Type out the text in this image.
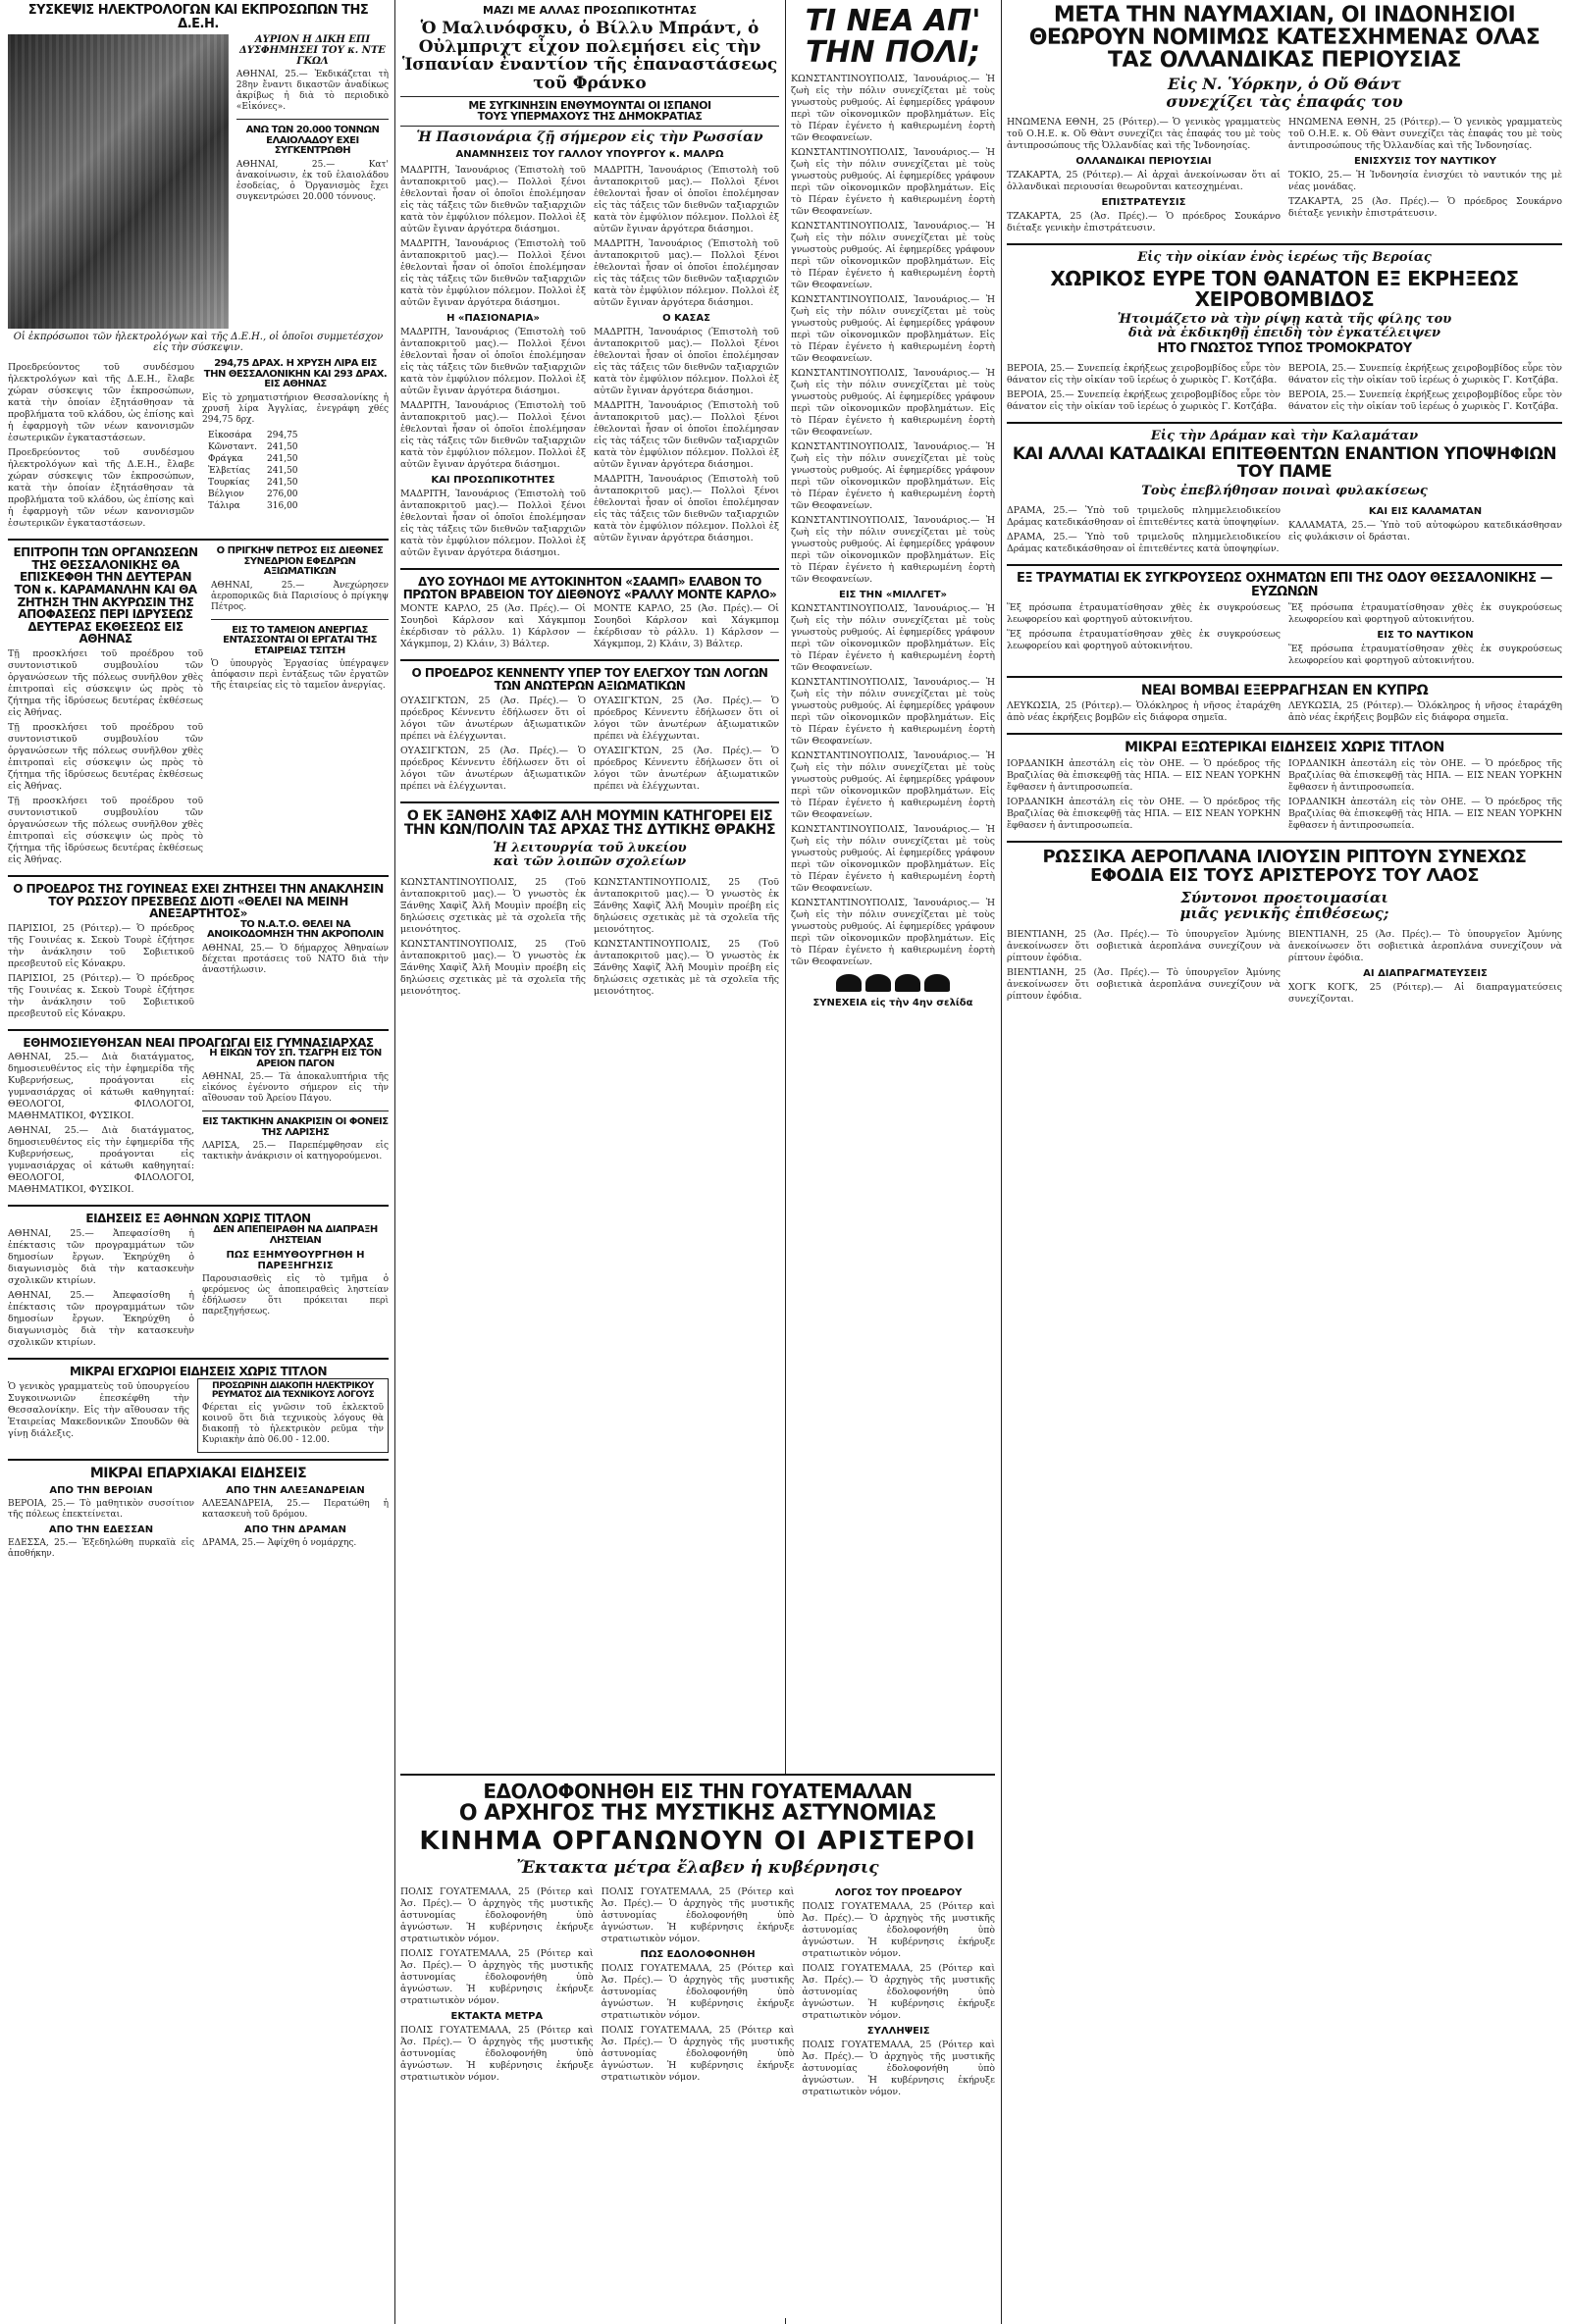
ΣΥΣΚΕΨΙΣ ΗΛΕΚΤΡΟΛΟΓΩΝ ΚΑΙ ΕΚΠΡΟΣΩΠΩΝ ΤΗΣ Δ.Ε.Η.
ΑΥΡΙΟΝ Η ΔΙΚΗ ΕΠΙ ΔΥΣΦΗΜΗΣΕΙ ΤΟΥ κ. ΝΤΕ ΓΚΩΛ
ΑΘΗΝΑΙ, 25.— Ἐκδικάζεται τὴ 28ην ἔναντι δικαστῶν ἀναδίκως ἀκρίβως ἠ διὰ τὸ περιοδικὸ «Εἰκόνες».
ΑΝΩ ΤΩΝ 20.000 ΤΟΝΝΩΝ ΕΛΑΙΟΛΑΔΟΥ ΕΧΕΙ ΣΥΓΚΕΝΤΡΩΘΗ
ΑΘΗΝΑΙ, 25.— Κατ' ἀνακοίνωσιν, ἐκ τοῦ ἐλαιολάδου ἐσοδείας, ὁ Ὀργανισμὸς ἔχει συγκεντρώσει 20.000 τόννους.
Οἱ ἐκπρόσωποι τῶν ἠλεκτρολόγων καὶ τῆς Δ.Ε.Η., οἱ ὁποῖοι συμμετέσχον εἰς τὴν σύσκεψιν.
Προεδρεύοντος τοῦ συνδέσμου ἠλεκτρολόγων καὶ τῆς Δ.Ε.Η., ἔλαβε χώραν σύσκεψις τῶν ἐκπροσώπων, κατὰ τὴν ὁποίαν ἐξητάσθησαν τὰ προβλήματα τοῦ κλάδου, ὡς ἐπίσης καὶ ἡ ἐφαρμογὴ τῶν νέων κανονισμῶν ἐσωτερικῶν ἐγκαταστάσεων.
Προεδρεύοντος τοῦ συνδέσμου ἠλεκτρολόγων καὶ τῆς Δ.Ε.Η., ἔλαβε χώραν σύσκεψις τῶν ἐκπροσώπων, κατὰ τὴν ὁποίαν ἐξητάσθησαν τὰ προβλήματα τοῦ κλάδου, ὡς ἐπίσης καὶ ἡ ἐφαρμογὴ τῶν νέων κανονισμῶν ἐσωτερικῶν ἐγκαταστάσεων.
294,75 ΔΡΑΧ. Η ΧΡΥΣΗ ΛΙΡΑ ΕΙΣ ΤΗΝ ΘΕΣΣΑΛΟΝΙΚΗΝ ΚΑΙ 293 ΔΡΑΧ. ΕΙΣ ΑΘΗΝΑΣ
Εἰς τὸ χρηματιστήριον Θεσσαλονίκης ἡ χρυσῆ λίρα Ἀγγλίας, ἐνεγράφη χθές 294,75 δρχ.
Εἰκοσάρα	294,75
Κῶνσταντ.	241,50
Φράγκα	241,50
Ἐλβετίας	241,50
Τουρκίας	241,50
Βέλγιον	276,00
Τάλιρα	316,00
ΕΠΙΤΡΟΠΗ ΤΩΝ ΟΡΓΑΝΩΣΕΩΝ ΤΗΣ ΘΕΣΣΑΛΟΝΙΚΗΣ ΘΑ ΕΠΙΣΚΕΦΘΗ ΤΗΝ ΔΕΥΤΕΡΑΝ ΤΟΝ κ. ΚΑΡΑΜΑΝΛΗΝ ΚΑΙ ΘΑ ΖΗΤΗΣΗ ΤΗΝ ΑΚΥΡΩΣΙΝ ΤΗΣ ΑΠΟΦΑΣΕΩΣ ΠΕΡΙ ΙΔΡΥΣΕΩΣ ΔΕΥΤΕΡΑΣ ΕΚΘΕΣΕΩΣ ΕΙΣ ΑΘΗΝΑΣ
Τῇ προσκλήσει τοῦ προέδρου τοῦ συντονιστικοῦ συμβουλίου τῶν ὀργανώσεων τῆς πόλεως συνῆλθον χθὲς ἐπιτροπαὶ εἰς σύσκεψιν ὡς πρὸς τὸ ζήτημα τῆς ἱδρύσεως δευτέρας ἐκθέσεως εἰς Ἀθήνας.
Τῇ προσκλήσει τοῦ προέδρου τοῦ συντονιστικοῦ συμβουλίου τῶν ὀργανώσεων τῆς πόλεως συνῆλθον χθὲς ἐπιτροπαὶ εἰς σύσκεψιν ὡς πρὸς τὸ ζήτημα τῆς ἱδρύσεως δευτέρας ἐκθέσεως εἰς Ἀθήνας.
Τῇ προσκλήσει τοῦ προέδρου τοῦ συντονιστικοῦ συμβουλίου τῶν ὀργανώσεων τῆς πόλεως συνῆλθον χθὲς ἐπιτροπαὶ εἰς σύσκεψιν ὡς πρὸς τὸ ζήτημα τῆς ἱδρύσεως δευτέρας ἐκθέσεως εἰς Ἀθήνας.
Ο ΠΡΙΓΚΗΨ ΠΕΤΡΟΣ ΕΙΣ ΔΙΕΘΝΕΣ ΣΥΝΕΔΡΙΟΝ ΕΦΕΔΡΩΝ ΑΞΙΩΜΑΤΙΚΩΝ
ΑΘΗΝΑΙ, 25.— Ἀνεχώρησεν ἀεροπορικῶς διὰ Παρισίους ὁ πρίγκηψ Πέτρος.
ΕΙΣ ΤΟ ΤΑΜΕΙΟΝ ΑΝΕΡΓΙΑΣ ΕΝΤΑΣΣΟΝΤΑΙ ΟΙ ΕΡΓΑΤΑΙ ΤΗΣ ΕΤΑΙΡΕΙΑΣ ΤΣΙΤΣΗ
Ὁ ὑπουργὸς Ἐργασίας ὑπέγραψεν ἀπόφασιν περὶ ἐντάξεως τῶν ἐργατῶν τῆς ἑταιρείας εἰς τὸ ταμεῖον ἀνεργίας.
Ο ΠΡΟΕΔΡΟΣ ΤΗΣ ΓΟΥΙΝΕΑΣ ΕΧΕΙ ΖΗΤΗΣΕΙ ΤΗΝ ΑΝΑΚΛΗΣΙΝ ΤΟΥ ΡΩΣΣΟΥ ΠΡΕΣΒΕΩΣ ΔΙΟΤΙ «ΘΕΛΕΙ ΝΑ ΜΕΙΝΗ ΑΝΕΞΑΡΤΗΤΟΣ»
ΠΑΡΙΣΙΟΙ, 25 (Ρόιτερ).— Ὁ πρόεδρος τῆς Γουινέας κ. Σεκοὺ Τουρὲ ἐζήτησε τὴν ἀνάκλησιν τοῦ Σοβιετικοῦ πρεσβευτοῦ εἰς Κόνακρυ.
ΠΑΡΙΣΙΟΙ, 25 (Ρόιτερ).— Ὁ πρόεδρος τῆς Γουινέας κ. Σεκοὺ Τουρὲ ἐζήτησε τὴν ἀνάκλησιν τοῦ Σοβιετικοῦ πρεσβευτοῦ εἰς Κόνακρυ.
ΤΟ Ν.Α.Τ.Ο. ΘΕΛΕΙ ΝΑ ΑΝΟΙΚΟΔΟΜΗΣΗ ΤΗΝ ΑΚΡΟΠΟΛΙΝ
ΑΘΗΝΑΙ, 25.— Ὁ δήμαρχος Ἀθηναίων δέχεται προτάσεις τοῦ ΝΑΤΟ διὰ τὴν ἀναστήλωσιν.
ΕΘΗΜΟΣΙΕΥΘΗΣΑΝ ΝΕΑΙ ΠΡΟΑΓΩΓΑΙ ΕΙΣ ΓΥΜΝΑΣΙΑΡΧΑΣ
ΑΘΗΝΑΙ, 25.— Διὰ διατάγματος, δημοσιευθέντος εἰς τὴν ἐφημερίδα τῆς Κυβερνήσεως, προάγονται εἰς γυμνασιάρχας οἱ κάτωθι καθηγηταί: ΘΕΟΛΟΓΟΙ, ΦΙΛΟΛΟΓΟΙ, ΜΑΘΗΜΑΤΙΚΟΙ, ΦΥΣΙΚΟΙ.
ΑΘΗΝΑΙ, 25.— Διὰ διατάγματος, δημοσιευθέντος εἰς τὴν ἐφημερίδα τῆς Κυβερνήσεως, προάγονται εἰς γυμνασιάρχας οἱ κάτωθι καθηγηταί: ΘΕΟΛΟΓΟΙ, ΦΙΛΟΛΟΓΟΙ, ΜΑΘΗΜΑΤΙΚΟΙ, ΦΥΣΙΚΟΙ.
Η ΕΙΚΩΝ ΤΟΥ ΣΠ. ΤΣΑΓΡΗ ΕΙΣ ΤΟΝ ΑΡΕΙΟΝ ΠΑΓΟΝ
ΑΘΗΝΑΙ, 25.— Τὰ ἀποκαλυπτήρια τῆς εἰκόνος ἐγένοντο σήμερον εἰς τὴν αἴθουσαν τοῦ Ἀρείου Πάγου.
ΕΙΣ ΤΑΚΤΙΚΗΝ ΑΝΑΚΡΙΣΙΝ ΟΙ ΦΟΝΕΙΣ ΤΗΣ ΛΑΡΙΣΗΣ
ΛΑΡΙΣΑ, 25.— Παρεπέμφθησαν εἰς τακτικὴν ἀνάκρισιν οἱ κατηγορούμενοι.
ΕΙΔΗΣΕΙΣ ΕΞ ΑΘΗΝΩΝ ΧΩΡΙΣ ΤΙΤΛΟΝ
ΑΘΗΝΑΙ, 25.— Ἀπεφασίσθη ἡ ἐπέκτασις τῶν προγραμμάτων τῶν δημοσίων ἔργων. Ἐκηρύχθη ὁ διαγωνισμὸς διὰ τὴν κατασκευὴν σχολικῶν κτιρίων.
ΑΘΗΝΑΙ, 25.— Ἀπεφασίσθη ἡ ἐπέκτασις τῶν προγραμμάτων τῶν δημοσίων ἔργων. Ἐκηρύχθη ὁ διαγωνισμὸς διὰ τὴν κατασκευὴν σχολικῶν κτιρίων.
ΔΕΝ ΑΠΕΠΕΙΡΑΘΗ ΝΑ ΔΙΑΠΡΑΞΗ ΛΗΣΤΕΙΑΝ
ΠΩΣ ΕΞΗΜΥΘΟΥΡΓΗΘΗ Η ΠΑΡΕΞΗΓΗΣΙΣ
Παρουσιασθεὶς εἰς τὸ τμῆμα ὁ φερόμενος ὡς ἀποπειραθεὶς ληστείαν ἐδήλωσεν ὅτι πρόκειται περὶ παρεξηγήσεως.
ΜΙΚΡΑΙ ΕΓΧΩΡΙΟΙ ΕΙΔΗΣΕΙΣ ΧΩΡΙΣ ΤΙΤΛΟΝ
Ὁ γενικὸς γραμματεὺς τοῦ ὑπουργείου Συγκοινωνιῶν ἐπεσκέφθη τὴν Θεσσαλονίκην. Εἰς τὴν αἴθουσαν τῆς Ἑταιρείας Μακεδονικῶν Σπουδῶν θὰ γίνῃ διάλεξις.
ΠΡΟΣΩΡΙΝΗ ΔΙΑΚΟΠΗ ΗΛΕΚΤΡΙΚΟΥ ΡΕΥΜΑΤΟΣ ΔΙΑ ΤΕΧΝΙΚΟΥΣ ΛΟΓΟΥΣ
Φέρεται εἰς γνῶσιν τοῦ ἐκλεκτοῦ κοινοῦ ὅτι διὰ τεχνικοὺς λόγους θὰ διακοπῇ τὸ ἠλεκτρικὸν ρεῦμα τὴν Κυριακὴν ἀπὸ 06.00 - 12.00.
ΜΙΚΡΑΙ ΕΠΑΡΧΙΑΚΑΙ ΕΙΔΗΣΕΙΣ
ΑΠΟ ΤΗΝ ΒΕΡΟΙΑΝ
ΒΕΡΟΙΑ, 25.— Τὸ μαθητικὸν συσσίτιον τῆς πόλεως ἐπεκτείνεται.
ΑΠΟ ΤΗΝ ΕΔΕΣΣΑΝ
ΕΔΕΣΣΑ, 25.— Ἐξεδηλώθη πυρκαϊὰ εἰς ἀποθήκην.
ΑΠΟ ΤΗΝ ΑΛΕΞΑΝΔΡΕΙΑΝ
ΑΛΕΞΑΝΔΡΕΙΑ, 25.— Περατώθη ἡ κατασκευὴ τοῦ δρόμου.
ΑΠΟ ΤΗΝ ΔΡΑΜΑΝ
ΔΡΑΜΑ, 25.— Ἀφίχθη ὁ νομάρχης.
ΜΑΖΙ ΜΕ ΑΛΛΑΣ ΠΡΟΣΩΠΙΚΟΤΗΤΑΣ
Ὁ Μαλινόφσκυ, ὁ Βίλλυ Μπράντ, ὁ Οὐλμπριχτ εἶχον πολεμήσει εἰς τὴν Ἱσπανίαν ἐναντίον τῆς ἐπαναστάσεως τοῦ Φράνκο
ΜΕ ΣΥΓΚΙΝΗΣΙΝ ΕΝΘΥΜΟΥΝΤΑΙ ΟΙ ΙΣΠΑΝΟΙ
ΤΟΥΣ ΥΠΕΡΜΑΧΟΥΣ ΤΗΣ ΔΗΜΟΚΡΑΤΙΑΣ
Ἡ Πασιονάρια ζῇ σήμερον εἰς τὴν Ρωσσίαν
ΑΝΑΜΝΗΣΕΙΣ ΤΟΥ ΓΑΛΛΟΥ ΥΠΟΥΡΓΟΥ κ. ΜΑΛΡΩ
ΜΑΔΡΙΤΗ, Ἰανουάριος (Ἐπιστολὴ τοῦ ἀνταποκριτοῦ μας).— Πολλοὶ ξένοι ἐθελονταὶ ἦσαν οἱ ὁποῖοι ἐπολέμησαν εἰς τὰς τάξεις τῶν διεθνῶν ταξιαρχιῶν κατὰ τὸν ἐμφύλιον πόλεμον. Πολλοὶ ἐξ αὐτῶν ἔγιναν ἀργότερα διάσημοι.
ΜΑΔΡΙΤΗ, Ἰανουάριος (Ἐπιστολὴ τοῦ ἀνταποκριτοῦ μας).— Πολλοὶ ξένοι ἐθελονταὶ ἦσαν οἱ ὁποῖοι ἐπολέμησαν εἰς τὰς τάξεις τῶν διεθνῶν ταξιαρχιῶν κατὰ τὸν ἐμφύλιον πόλεμον. Πολλοὶ ἐξ αὐτῶν ἔγιναν ἀργότερα διάσημοι.
Η «ΠΑΣΙΟΝΑΡΙΑ»
ΜΑΔΡΙΤΗ, Ἰανουάριος (Ἐπιστολὴ τοῦ ἀνταποκριτοῦ μας).— Πολλοὶ ξένοι ἐθελονταὶ ἦσαν οἱ ὁποῖοι ἐπολέμησαν εἰς τὰς τάξεις τῶν διεθνῶν ταξιαρχιῶν κατὰ τὸν ἐμφύλιον πόλεμον. Πολλοὶ ἐξ αὐτῶν ἔγιναν ἀργότερα διάσημοι.
ΜΑΔΡΙΤΗ, Ἰανουάριος (Ἐπιστολὴ τοῦ ἀνταποκριτοῦ μας).— Πολλοὶ ξένοι ἐθελονταὶ ἦσαν οἱ ὁποῖοι ἐπολέμησαν εἰς τὰς τάξεις τῶν διεθνῶν ταξιαρχιῶν κατὰ τὸν ἐμφύλιον πόλεμον. Πολλοὶ ἐξ αὐτῶν ἔγιναν ἀργότερα διάσημοι.
ΚΑΙ ΠΡΟΣΩΠΙΚΟΤΗΤΕΣ
ΜΑΔΡΙΤΗ, Ἰανουάριος (Ἐπιστολὴ τοῦ ἀνταποκριτοῦ μας).— Πολλοὶ ξένοι ἐθελονταὶ ἦσαν οἱ ὁποῖοι ἐπολέμησαν εἰς τὰς τάξεις τῶν διεθνῶν ταξιαρχιῶν κατὰ τὸν ἐμφύλιον πόλεμον. Πολλοὶ ἐξ αὐτῶν ἔγιναν ἀργότερα διάσημοι.
ΜΑΔΡΙΤΗ, Ἰανουάριος (Ἐπιστολὴ τοῦ ἀνταποκριτοῦ μας).— Πολλοὶ ξένοι ἐθελονταὶ ἦσαν οἱ ὁποῖοι ἐπολέμησαν εἰς τὰς τάξεις τῶν διεθνῶν ταξιαρχιῶν κατὰ τὸν ἐμφύλιον πόλεμον. Πολλοὶ ἐξ αὐτῶν ἔγιναν ἀργότερα διάσημοι.
ΜΑΔΡΙΤΗ, Ἰανουάριος (Ἐπιστολὴ τοῦ ἀνταποκριτοῦ μας).— Πολλοὶ ξένοι ἐθελονταὶ ἦσαν οἱ ὁποῖοι ἐπολέμησαν εἰς τὰς τάξεις τῶν διεθνῶν ταξιαρχιῶν κατὰ τὸν ἐμφύλιον πόλεμον. Πολλοὶ ἐξ αὐτῶν ἔγιναν ἀργότερα διάσημοι.
Ο ΚΑΣΑΣ
ΜΑΔΡΙΤΗ, Ἰανουάριος (Ἐπιστολὴ τοῦ ἀνταποκριτοῦ μας).— Πολλοὶ ξένοι ἐθελονταὶ ἦσαν οἱ ὁποῖοι ἐπολέμησαν εἰς τὰς τάξεις τῶν διεθνῶν ταξιαρχιῶν κατὰ τὸν ἐμφύλιον πόλεμον. Πολλοὶ ἐξ αὐτῶν ἔγιναν ἀργότερα διάσημοι.
ΜΑΔΡΙΤΗ, Ἰανουάριος (Ἐπιστολὴ τοῦ ἀνταποκριτοῦ μας).— Πολλοὶ ξένοι ἐθελονταὶ ἦσαν οἱ ὁποῖοι ἐπολέμησαν εἰς τὰς τάξεις τῶν διεθνῶν ταξιαρχιῶν κατὰ τὸν ἐμφύλιον πόλεμον. Πολλοὶ ἐξ αὐτῶν ἔγιναν ἀργότερα διάσημοι.
ΜΑΔΡΙΤΗ, Ἰανουάριος (Ἐπιστολὴ τοῦ ἀνταποκριτοῦ μας).— Πολλοὶ ξένοι ἐθελονταὶ ἦσαν οἱ ὁποῖοι ἐπολέμησαν εἰς τὰς τάξεις τῶν διεθνῶν ταξιαρχιῶν κατὰ τὸν ἐμφύλιον πόλεμον. Πολλοὶ ἐξ αὐτῶν ἔγιναν ἀργότερα διάσημοι.
ΔΥΟ ΣΟΥΗΔΟΙ ΜΕ ΑΥΤΟΚΙΝΗΤΟΝ «ΣΑΑΜΠ» ΕΛΑΒΟΝ ΤΟ ΠΡΩΤΟΝ ΒΡΑΒΕΙΟΝ ΤΟΥ ΔΙΕΘΝΟΥΣ «ΡΑΛΛΥ ΜΟΝΤΕ ΚΑΡΛΟ»
ΜΟΝΤΕ ΚΑΡΛΟ, 25 (Ἀσ. Πρές).— Οἱ Σουηδοὶ Κάρλσον καὶ Χάγκμπομ ἐκέρδισαν τὸ ράλλυ. 1) Κάρλσον — Χάγκμπομ, 2) Κλάιν, 3) Βάλτερ.
ΜΟΝΤΕ ΚΑΡΛΟ, 25 (Ἀσ. Πρές).— Οἱ Σουηδοὶ Κάρλσον καὶ Χάγκμπομ ἐκέρδισαν τὸ ράλλυ. 1) Κάρλσον — Χάγκμπομ, 2) Κλάιν, 3) Βάλτερ.
Ο ΠΡΟΕΔΡΟΣ ΚΕΝΝΕΝΤΥ ΥΠΕΡ ΤΟΥ ΕΛΕΓΧΟΥ ΤΩΝ ΛΟΓΩΝ ΤΩΝ ΑΝΩΤΕΡΩΝ ΑΞΙΩΜΑΤΙΚΩΝ
ΟΥΑΣΙΓΚΤΩΝ, 25 (Ἀσ. Πρές).— Ὁ πρόεδρος Κέννεντυ ἐδήλωσεν ὅτι οἱ λόγοι τῶν ἀνωτέρων ἀξιωματικῶν πρέπει νὰ ἐλέγχωνται.
ΟΥΑΣΙΓΚΤΩΝ, 25 (Ἀσ. Πρές).— Ὁ πρόεδρος Κέννεντυ ἐδήλωσεν ὅτι οἱ λόγοι τῶν ἀνωτέρων ἀξιωματικῶν πρέπει νὰ ἐλέγχωνται.
ΟΥΑΣΙΓΚΤΩΝ, 25 (Ἀσ. Πρές).— Ὁ πρόεδρος Κέννεντυ ἐδήλωσεν ὅτι οἱ λόγοι τῶν ἀνωτέρων ἀξιωματικῶν πρέπει νὰ ἐλέγχωνται.
ΟΥΑΣΙΓΚΤΩΝ, 25 (Ἀσ. Πρές).— Ὁ πρόεδρος Κέννεντυ ἐδήλωσεν ὅτι οἱ λόγοι τῶν ἀνωτέρων ἀξιωματικῶν πρέπει νὰ ἐλέγχωνται.
Ο ΕΚ ΞΑΝΘΗΣ ΧΑΦΙΖ ΑΛΗ ΜΟΥΜΙΝ ΚΑΤΗΓΟΡΕΙ ΕΙΣ ΤΗΝ ΚΩΝ/ΠΟΛΙΝ ΤΑΣ ΑΡΧΑΣ ΤΗΣ ΔΥΤΙΚΗΣ ΘΡΑΚΗΣ
Ἡ λειτουργία τοῦ λυκείου
καὶ τῶν λοιπῶν σχολείων
ΚΩΝΣΤΑΝΤΙΝΟΥΠΟΛΙΣ, 25 (Τοῦ ἀνταποκριτοῦ μας).— Ὁ γνωστὸς ἐκ Ξάνθης Χαφὶζ Ἀλῆ Μουμὶν προέβη εἰς δηλώσεις σχετικὰς μὲ τὰ σχολεῖα τῆς μειονότητος.
ΚΩΝΣΤΑΝΤΙΝΟΥΠΟΛΙΣ, 25 (Τοῦ ἀνταποκριτοῦ μας).— Ὁ γνωστὸς ἐκ Ξάνθης Χαφὶζ Ἀλῆ Μουμὶν προέβη εἰς δηλώσεις σχετικὰς μὲ τὰ σχολεῖα τῆς μειονότητος.
ΚΩΝΣΤΑΝΤΙΝΟΥΠΟΛΙΣ, 25 (Τοῦ ἀνταποκριτοῦ μας).— Ὁ γνωστὸς ἐκ Ξάνθης Χαφὶζ Ἀλῆ Μουμὶν προέβη εἰς δηλώσεις σχετικὰς μὲ τὰ σχολεῖα τῆς μειονότητος.
ΚΩΝΣΤΑΝΤΙΝΟΥΠΟΛΙΣ, 25 (Τοῦ ἀνταποκριτοῦ μας).— Ὁ γνωστὸς ἐκ Ξάνθης Χαφὶζ Ἀλῆ Μουμὶν προέβη εἰς δηλώσεις σχετικὰς μὲ τὰ σχολεῖα τῆς μειονότητος.
ΤΙ ΝΕΑ ΑΠ' ΤΗΝ ΠΟΛΙ;
ΚΩΝΣΤΑΝΤΙΝΟΥΠΟΛΙΣ, Ἰανουάριος.— Ἡ ζωὴ εἰς τὴν πόλιν συνεχίζεται μὲ τοὺς γνωστοὺς ρυθμούς. Αἱ ἐφημερίδες γράφουν περὶ τῶν οἰκονομικῶν προβλημάτων. Εἰς τὸ Πέραν ἐγένετο ἡ καθιερωμένη ἑορτὴ τῶν Θεοφανείων.
ΚΩΝΣΤΑΝΤΙΝΟΥΠΟΛΙΣ, Ἰανουάριος.— Ἡ ζωὴ εἰς τὴν πόλιν συνεχίζεται μὲ τοὺς γνωστοὺς ρυθμούς. Αἱ ἐφημερίδες γράφουν περὶ τῶν οἰκονομικῶν προβλημάτων. Εἰς τὸ Πέραν ἐγένετο ἡ καθιερωμένη ἑορτὴ τῶν Θεοφανείων.
ΚΩΝΣΤΑΝΤΙΝΟΥΠΟΛΙΣ, Ἰανουάριος.— Ἡ ζωὴ εἰς τὴν πόλιν συνεχίζεται μὲ τοὺς γνωστοὺς ρυθμούς. Αἱ ἐφημερίδες γράφουν περὶ τῶν οἰκονομικῶν προβλημάτων. Εἰς τὸ Πέραν ἐγένετο ἡ καθιερωμένη ἑορτὴ τῶν Θεοφανείων.
ΚΩΝΣΤΑΝΤΙΝΟΥΠΟΛΙΣ, Ἰανουάριος.— Ἡ ζωὴ εἰς τὴν πόλιν συνεχίζεται μὲ τοὺς γνωστοὺς ρυθμούς. Αἱ ἐφημερίδες γράφουν περὶ τῶν οἰκονομικῶν προβλημάτων. Εἰς τὸ Πέραν ἐγένετο ἡ καθιερωμένη ἑορτὴ τῶν Θεοφανείων.
ΚΩΝΣΤΑΝΤΙΝΟΥΠΟΛΙΣ, Ἰανουάριος.— Ἡ ζωὴ εἰς τὴν πόλιν συνεχίζεται μὲ τοὺς γνωστοὺς ρυθμούς. Αἱ ἐφημερίδες γράφουν περὶ τῶν οἰκονομικῶν προβλημάτων. Εἰς τὸ Πέραν ἐγένετο ἡ καθιερωμένη ἑορτὴ τῶν Θεοφανείων.
ΚΩΝΣΤΑΝΤΙΝΟΥΠΟΛΙΣ, Ἰανουάριος.— Ἡ ζωὴ εἰς τὴν πόλιν συνεχίζεται μὲ τοὺς γνωστοὺς ρυθμούς. Αἱ ἐφημερίδες γράφουν περὶ τῶν οἰκονομικῶν προβλημάτων. Εἰς τὸ Πέραν ἐγένετο ἡ καθιερωμένη ἑορτὴ τῶν Θεοφανείων.
ΚΩΝΣΤΑΝΤΙΝΟΥΠΟΛΙΣ, Ἰανουάριος.— Ἡ ζωὴ εἰς τὴν πόλιν συνεχίζεται μὲ τοὺς γνωστοὺς ρυθμούς. Αἱ ἐφημερίδες γράφουν περὶ τῶν οἰκονομικῶν προβλημάτων. Εἰς τὸ Πέραν ἐγένετο ἡ καθιερωμένη ἑορτὴ τῶν Θεοφανείων.
ΕΙΣ ΤΗΝ «ΜΙΛΛΓΕΤ»
ΚΩΝΣΤΑΝΤΙΝΟΥΠΟΛΙΣ, Ἰανουάριος.— Ἡ ζωὴ εἰς τὴν πόλιν συνεχίζεται μὲ τοὺς γνωστοὺς ρυθμούς. Αἱ ἐφημερίδες γράφουν περὶ τῶν οἰκονομικῶν προβλημάτων. Εἰς τὸ Πέραν ἐγένετο ἡ καθιερωμένη ἑορτὴ τῶν Θεοφανείων.
ΚΩΝΣΤΑΝΤΙΝΟΥΠΟΛΙΣ, Ἰανουάριος.— Ἡ ζωὴ εἰς τὴν πόλιν συνεχίζεται μὲ τοὺς γνωστοὺς ρυθμούς. Αἱ ἐφημερίδες γράφουν περὶ τῶν οἰκονομικῶν προβλημάτων. Εἰς τὸ Πέραν ἐγένετο ἡ καθιερωμένη ἑορτὴ τῶν Θεοφανείων.
ΚΩΝΣΤΑΝΤΙΝΟΥΠΟΛΙΣ, Ἰανουάριος.— Ἡ ζωὴ εἰς τὴν πόλιν συνεχίζεται μὲ τοὺς γνωστοὺς ρυθμούς. Αἱ ἐφημερίδες γράφουν περὶ τῶν οἰκονομικῶν προβλημάτων. Εἰς τὸ Πέραν ἐγένετο ἡ καθιερωμένη ἑορτὴ τῶν Θεοφανείων.
ΚΩΝΣΤΑΝΤΙΝΟΥΠΟΛΙΣ, Ἰανουάριος.— Ἡ ζωὴ εἰς τὴν πόλιν συνεχίζεται μὲ τοὺς γνωστοὺς ρυθμούς. Αἱ ἐφημερίδες γράφουν περὶ τῶν οἰκονομικῶν προβλημάτων. Εἰς τὸ Πέραν ἐγένετο ἡ καθιερωμένη ἑορτὴ τῶν Θεοφανείων.
ΚΩΝΣΤΑΝΤΙΝΟΥΠΟΛΙΣ, Ἰανουάριος.— Ἡ ζωὴ εἰς τὴν πόλιν συνεχίζεται μὲ τοὺς γνωστοὺς ρυθμούς. Αἱ ἐφημερίδες γράφουν περὶ τῶν οἰκονομικῶν προβλημάτων. Εἰς τὸ Πέραν ἐγένετο ἡ καθιερωμένη ἑορτὴ τῶν Θεοφανείων.
ΣΥΝΕΧΕΙΑ εἰς τὴν 4ην σελίδα
ΜΕΤΑ ΤΗΝ ΝΑΥΜΑΧΙΑΝ, ΟΙ ΙΝΔΟΝΗΣΙΟΙ ΘΕΩΡΟΥΝ ΝΟΜΙΜΩΣ ΚΑΤΕΣΧΗΜΕΝΑΣ ΟΛΑΣ ΤΑΣ ΟΛΛΑΝΔΙΚΑΣ ΠΕΡΙΟΥΣΙΑΣ
Εἰς Ν. Ὑόρκην, ὁ Οὔ Θάντ
συνεχίζει τὰς ἐπαφάς του
ΗΝΩΜΕΝΑ ΕΘΝΗ, 25 (Ρόιτερ).— Ὁ γενικὸς γραμματεὺς τοῦ Ο.Η.Ε. κ. Οὔ Θὰντ συνεχίζει τὰς ἐπαφάς του μὲ τοὺς ἀντιπροσώπους τῆς Ὀλλανδίας καὶ τῆς Ἰνδονησίας.
ΟΛΛΑΝΔΙΚΑΙ ΠΕΡΙΟΥΣΙΑΙ
ΤΖΑΚΑΡΤΑ, 25 (Ρόιτερ).— Αἱ ἀρχαὶ ἀνεκοίνωσαν ὅτι αἱ ὀλλανδικαὶ περιουσίαι θεωροῦνται κατεσχημέναι.
ΕΠΙΣΤΡΑΤΕΥΣΙΣ
ΤΖΑΚΑΡΤΑ, 25 (Ἀσ. Πρές).— Ὁ πρόεδρος Σουκάρνο διέταξε γενικὴν ἐπιστράτευσιν.
ΗΝΩΜΕΝΑ ΕΘΝΗ, 25 (Ρόιτερ).— Ὁ γενικὸς γραμματεὺς τοῦ Ο.Η.Ε. κ. Οὔ Θὰντ συνεχίζει τὰς ἐπαφάς του μὲ τοὺς ἀντιπροσώπους τῆς Ὀλλανδίας καὶ τῆς Ἰνδονησίας.
ΕΝΙΣΧΥΣΙΣ ΤΟΥ ΝΑΥΤΙΚΟΥ
ΤΟΚΙΟ, 25.— Ἡ Ἰνδονησία ἐνισχύει τὸ ναυτικόν της μὲ νέας μονάδας.
ΤΖΑΚΑΡΤΑ, 25 (Ἀσ. Πρές).— Ὁ πρόεδρος Σουκάρνο διέταξε γενικὴν ἐπιστράτευσιν.
Εἰς τὴν οἰκίαν ἑνὸς ἱερέως τῆς Βεροίας
ΧΩΡΙΚΟΣ ΕΥΡΕ ΤΟΝ ΘΑΝΑΤΟΝ ΕΞ ΕΚΡΗΞΕΩΣ ΧΕΙΡΟΒΟΜΒΙΔΟΣ
Ἡτοιμάζετο νὰ τὴν ρίψῃ κατὰ τῆς φίλης του
διὰ νὰ ἐκδικηθῇ ἐπειδὴ τὸν ἐγκατέλειψεν
ΗΤΟ ΓΝΩΣΤΟΣ ΤΥΠΟΣ ΤΡΟΜΟΚΡΑΤΟΥ
ΒΕΡΟΙΑ, 25.— Συνεπείᾳ ἐκρήξεως χειροβομβίδος εὗρε τὸν θάνατον εἰς τὴν οἰκίαν τοῦ ἱερέως ὁ χωρικὸς Γ. Κοτζάβα.
ΒΕΡΟΙΑ, 25.— Συνεπείᾳ ἐκρήξεως χειροβομβίδος εὗρε τὸν θάνατον εἰς τὴν οἰκίαν τοῦ ἱερέως ὁ χωρικὸς Γ. Κοτζάβα.
ΒΕΡΟΙΑ, 25.— Συνεπείᾳ ἐκρήξεως χειροβομβίδος εὗρε τὸν θάνατον εἰς τὴν οἰκίαν τοῦ ἱερέως ὁ χωρικὸς Γ. Κοτζάβα.
ΒΕΡΟΙΑ, 25.— Συνεπείᾳ ἐκρήξεως χειροβομβίδος εὗρε τὸν θάνατον εἰς τὴν οἰκίαν τοῦ ἱερέως ὁ χωρικὸς Γ. Κοτζάβα.
Εἰς τὴν Δράμαν καὶ τὴν Καλαμάταν
ΚΑΙ ΑΛΛΑΙ ΚΑΤΑΔΙΚΑΙ ΕΠΙΤΕΘΕΝΤΩΝ ΕΝΑΝΤΙΟΝ ΥΠΟΨΗΦΙΩΝ ΤΟΥ ΠΑΜΕ
Τοὺς ἐπεβλήθησαν ποιναὶ φυλακίσεως
ΔΡΑΜΑ, 25.— Ὑπὸ τοῦ τριμελοῦς πλημμελειοδικείου Δράμας κατεδικάσθησαν οἱ ἐπιτεθέντες κατὰ ὑποψηφίων.
ΔΡΑΜΑ, 25.— Ὑπὸ τοῦ τριμελοῦς πλημμελειοδικείου Δράμας κατεδικάσθησαν οἱ ἐπιτεθέντες κατὰ ὑποψηφίων.
ΚΑΙ ΕΙΣ ΚΑΛΑΜΑΤΑΝ
ΚΑΛΑΜΑΤΑ, 25.— Ὑπὸ τοῦ αὐτοφώρου κατεδικάσθησαν εἰς φυλάκισιν οἱ δράσται.
ΕΞ ΤΡΑΥΜΑΤΙΑΙ ΕΚ ΣΥΓΚΡΟΥΣΕΩΣ ΟΧΗΜΑΤΩΝ ΕΠΙ ΤΗΣ ΟΔΟΥ ΘΕΣΣΑΛΟΝΙΚΗΣ — ΕΥΖΩΝΩΝ
Ἕξ πρόσωπα ἐτραυματίσθησαν χθὲς ἐκ συγκρούσεως λεωφορείου καὶ φορτηγοῦ αὐτοκινήτου.
Ἕξ πρόσωπα ἐτραυματίσθησαν χθὲς ἐκ συγκρούσεως λεωφορείου καὶ φορτηγοῦ αὐτοκινήτου.
Ἕξ πρόσωπα ἐτραυματίσθησαν χθὲς ἐκ συγκρούσεως λεωφορείου καὶ φορτηγοῦ αὐτοκινήτου.
ΕΙΣ ΤΟ ΝΑΥΤΙΚΟΝ
Ἕξ πρόσωπα ἐτραυματίσθησαν χθὲς ἐκ συγκρούσεως λεωφορείου καὶ φορτηγοῦ αὐτοκινήτου.
ΝΕΑΙ ΒΟΜΒΑΙ ΕΞΕΡΡΑΓΗΣΑΝ ΕΝ ΚΥΠΡΩ
ΛΕΥΚΩΣΙΑ, 25 (Ρόιτερ).— Ὁλόκληρος ἡ νῆσος ἐταράχθη ἀπὸ νέας ἐκρήξεις βομβῶν εἰς διάφορα σημεῖα.
ΛΕΥΚΩΣΙΑ, 25 (Ρόιτερ).— Ὁλόκληρος ἡ νῆσος ἐταράχθη ἀπὸ νέας ἐκρήξεις βομβῶν εἰς διάφορα σημεῖα.
ΜΙΚΡΑΙ ΕΞΩΤΕΡΙΚΑΙ ΕΙΔΗΣΕΙΣ ΧΩΡΙΣ ΤΙΤΛΟΝ
ΙΟΡΔΑΝΙΚΗ ἀπεστάλη εἰς τὸν ΟΗΕ. — Ὁ πρόεδρος τῆς Βραζιλίας θὰ ἐπισκεφθῇ τὰς ΗΠΑ. — ΕΙΣ ΝΕΑΝ ΥΟΡΚΗΝ ἔφθασεν ἡ ἀντιπροσωπεία.
ΙΟΡΔΑΝΙΚΗ ἀπεστάλη εἰς τὸν ΟΗΕ. — Ὁ πρόεδρος τῆς Βραζιλίας θὰ ἐπισκεφθῇ τὰς ΗΠΑ. — ΕΙΣ ΝΕΑΝ ΥΟΡΚΗΝ ἔφθασεν ἡ ἀντιπροσωπεία.
ΙΟΡΔΑΝΙΚΗ ἀπεστάλη εἰς τὸν ΟΗΕ. — Ὁ πρόεδρος τῆς Βραζιλίας θὰ ἐπισκεφθῇ τὰς ΗΠΑ. — ΕΙΣ ΝΕΑΝ ΥΟΡΚΗΝ ἔφθασεν ἡ ἀντιπροσωπεία.
ΙΟΡΔΑΝΙΚΗ ἀπεστάλη εἰς τὸν ΟΗΕ. — Ὁ πρόεδρος τῆς Βραζιλίας θὰ ἐπισκεφθῇ τὰς ΗΠΑ. — ΕΙΣ ΝΕΑΝ ΥΟΡΚΗΝ ἔφθασεν ἡ ἀντιπροσωπεία.
ΡΩΣΣΙΚΑ ΑΕΡΟΠΛΑΝΑ ΙΛΙΟΥΣΙΝ ΡΙΠΤΟΥΝ ΣΥΝΕΧΩΣ ΕΦΟΔΙΑ ΕΙΣ ΤΟΥΣ ΑΡΙΣΤΕΡΟΥΣ ΤΟΥ ΛΑΟΣ
Σύντονοι προετοιμασίαι
μιᾶς γενικῆς ἐπιθέσεως;
ΒΙΕΝΤΙΑΝΗ, 25 (Ἀσ. Πρές).— Τὸ ὑπουργεῖον Ἀμύνης ἀνεκοίνωσεν ὅτι σοβιετικὰ ἀεροπλάνα συνεχίζουν νὰ ρίπτουν ἐφόδια.
ΒΙΕΝΤΙΑΝΗ, 25 (Ἀσ. Πρές).— Τὸ ὑπουργεῖον Ἀμύνης ἀνεκοίνωσεν ὅτι σοβιετικὰ ἀεροπλάνα συνεχίζουν νὰ ρίπτουν ἐφόδια.
ΒΙΕΝΤΙΑΝΗ, 25 (Ἀσ. Πρές).— Τὸ ὑπουργεῖον Ἀμύνης ἀνεκοίνωσεν ὅτι σοβιετικὰ ἀεροπλάνα συνεχίζουν νὰ ρίπτουν ἐφόδια.
ΑΙ ΔΙΑΠΡΑΓΜΑΤΕΥΣΕΙΣ
ΧΟΓΚ ΚΟΓΚ, 25 (Ρόιτερ).— Αἱ διαπραγματεύσεις συνεχίζονται.
ΕΔΟΛΟΦΟΝΗΘΗ ΕΙΣ ΤΗΝ ΓΟΥΑΤΕΜΑΛΑΝ
Ο ΑΡΧΗΓΟΣ ΤΗΣ ΜΥΣΤΙΚΗΣ ΑΣΤΥΝΟΜΙΑΣ
ΚΙΝΗΜΑ ΟΡΓΑΝΩΝΟΥΝ ΟΙ ΑΡΙΣΤΕΡΟΙ
Ἔκτακτα μέτρα ἔλαβεν ἡ κυβέρνησις
ΠΟΛΙΣ ΓΟΥΑΤΕΜΑΛΑ, 25 (Ρόιτερ καὶ Ἀσ. Πρές).— Ὁ ἀρχηγὸς τῆς μυστικῆς ἀστυνομίας ἐδολοφονήθη ὑπὸ ἀγνώστων. Ἡ κυβέρνησις ἐκήρυξε στρατιωτικὸν νόμον.
ΠΟΛΙΣ ΓΟΥΑΤΕΜΑΛΑ, 25 (Ρόιτερ καὶ Ἀσ. Πρές).— Ὁ ἀρχηγὸς τῆς μυστικῆς ἀστυνομίας ἐδολοφονήθη ὑπὸ ἀγνώστων. Ἡ κυβέρνησις ἐκήρυξε στρατιωτικὸν νόμον.
ΕΚΤΑΚΤΑ ΜΕΤΡΑ
ΠΟΛΙΣ ΓΟΥΑΤΕΜΑΛΑ, 25 (Ρόιτερ καὶ Ἀσ. Πρές).— Ὁ ἀρχηγὸς τῆς μυστικῆς ἀστυνομίας ἐδολοφονήθη ὑπὸ ἀγνώστων. Ἡ κυβέρνησις ἐκήρυξε στρατιωτικὸν νόμον.
ΠΟΛΙΣ ΓΟΥΑΤΕΜΑΛΑ, 25 (Ρόιτερ καὶ Ἀσ. Πρές).— Ὁ ἀρχηγὸς τῆς μυστικῆς ἀστυνομίας ἐδολοφονήθη ὑπὸ ἀγνώστων. Ἡ κυβέρνησις ἐκήρυξε στρατιωτικὸν νόμον.
ΠΩΣ ΕΔΟΛΟΦΟΝΗΘΗ
ΠΟΛΙΣ ΓΟΥΑΤΕΜΑΛΑ, 25 (Ρόιτερ καὶ Ἀσ. Πρές).— Ὁ ἀρχηγὸς τῆς μυστικῆς ἀστυνομίας ἐδολοφονήθη ὑπὸ ἀγνώστων. Ἡ κυβέρνησις ἐκήρυξε στρατιωτικὸν νόμον.
ΠΟΛΙΣ ΓΟΥΑΤΕΜΑΛΑ, 25 (Ρόιτερ καὶ Ἀσ. Πρές).— Ὁ ἀρχηγὸς τῆς μυστικῆς ἀστυνομίας ἐδολοφονήθη ὑπὸ ἀγνώστων. Ἡ κυβέρνησις ἐκήρυξε στρατιωτικὸν νόμον.
ΛΟΓΟΣ ΤΟΥ ΠΡΟΕΔΡΟΥ
ΠΟΛΙΣ ΓΟΥΑΤΕΜΑΛΑ, 25 (Ρόιτερ καὶ Ἀσ. Πρές).— Ὁ ἀρχηγὸς τῆς μυστικῆς ἀστυνομίας ἐδολοφονήθη ὑπὸ ἀγνώστων. Ἡ κυβέρνησις ἐκήρυξε στρατιωτικὸν νόμον.
ΠΟΛΙΣ ΓΟΥΑΤΕΜΑΛΑ, 25 (Ρόιτερ καὶ Ἀσ. Πρές).— Ὁ ἀρχηγὸς τῆς μυστικῆς ἀστυνομίας ἐδολοφονήθη ὑπὸ ἀγνώστων. Ἡ κυβέρνησις ἐκήρυξε στρατιωτικὸν νόμον.
ΣΥΛΛΗΨΕΙΣ
ΠΟΛΙΣ ΓΟΥΑΤΕΜΑΛΑ, 25 (Ρόιτερ καὶ Ἀσ. Πρές).— Ὁ ἀρχηγὸς τῆς μυστικῆς ἀστυνομίας ἐδολοφονήθη ὑπὸ ἀγνώστων. Ἡ κυβέρνησις ἐκήρυξε στρατιωτικὸν νόμον.
